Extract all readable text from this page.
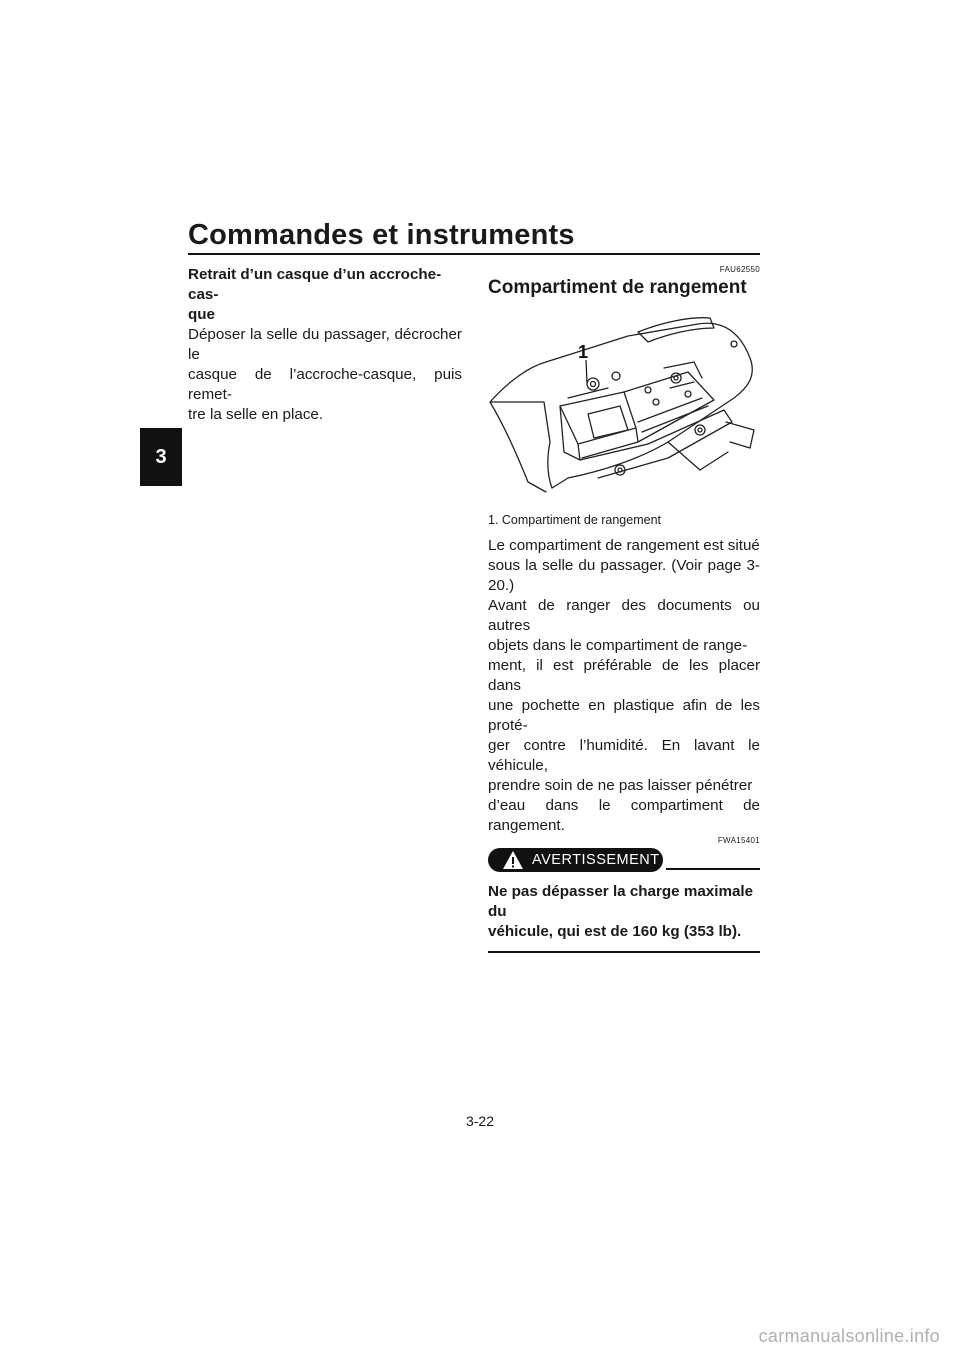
Commandes et instruments
3

Retrait d’un casque d’un accroche-cas-

que

Déposer la selle du passager, décrocher le

casque de l’accroche-casque, puis remet-

tre la selle en place.

FAU62550
Compartiment de rangement
1
1. Compartiment de rangement

Le compartiment de rangement est situé

sous la selle du passager. (Voir page 3-20.)

Avant de ranger des documents ou autres

objets dans le compartiment de range-

ment, il est préférable de les placer dans

une pochette en plastique afin de les proté-

ger contre l’humidité. En lavant le véhicule,

prendre soin de ne pas laisser pénétrer

d’eau dans le compartiment de rangement.

FWA15401
AVERTISSEMENT
Ne pas dépasser la charge maximale du
véhicule, qui est de 160 kg (353 lb).
3-22
carmanualsonline.info
